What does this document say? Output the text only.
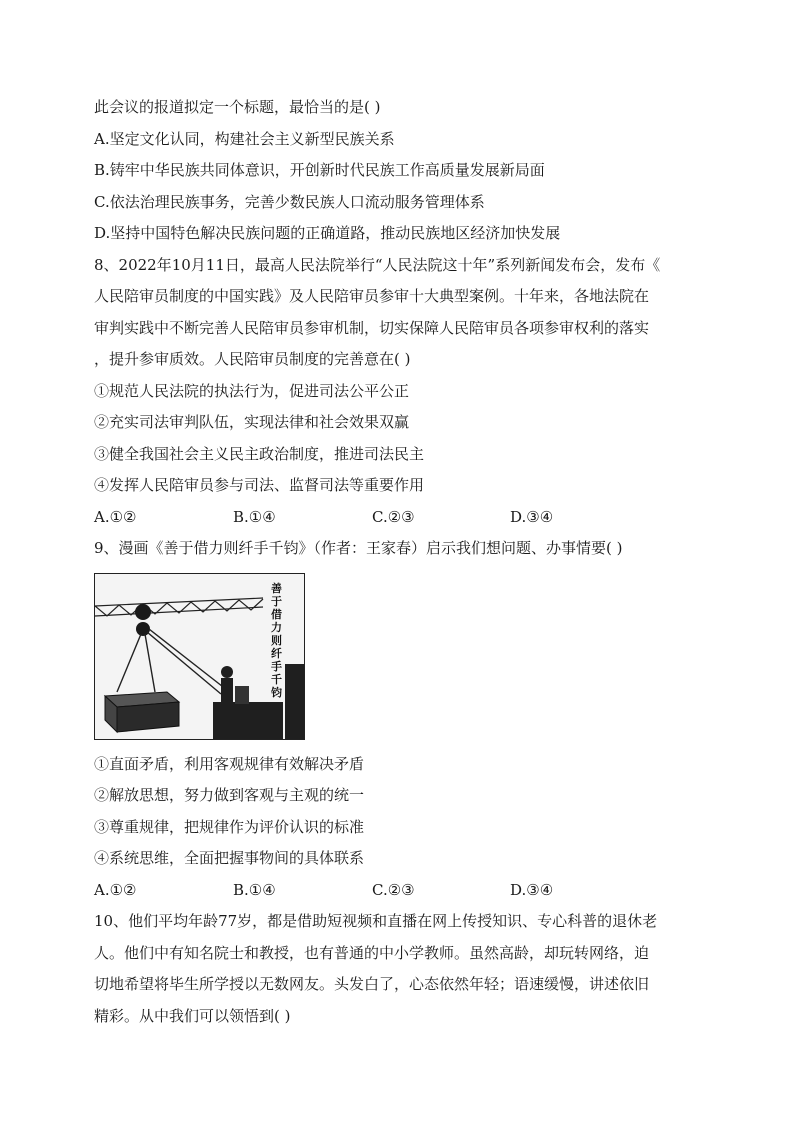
此会议的报道拟定一个标题，最恰当的是( )
A.坚定文化认同，构建社会主义新型民族关系
B.铸牢中华民族共同体意识，开创新时代民族工作高质量发展新局面
C.依法治理民族事务，完善少数民族人口流动服务管理体系
D.坚持中国特色解决民族问题的正确道路，推动民族地区经济加快发展
8、2022年10月11日，最高人民法院举行“人民法院这十年”系列新闻发布会，发布《
人民陪审员制度的中国实践》及人民陪审员参审十大典型案例。十年来，各地法院在
审判实践中不断完善人民陪审员参审机制，切实保障人民陪审员各项参审权利的落实
，提升参审质效。人民陪审员制度的完善意在( )
①规范人民法院的执法行为，促进司法公平公正
②充实司法审判队伍，实现法律和社会效果双赢
③健全我国社会主义民主政治制度，推进司法民主
④发挥人民陪审员参与司法、监督司法等重要作用
A.①②	B.①④	C.②③	D.③④
9、漫画《善于借力则纤手千钧》（作者：王家春）启示我们想问题、办事情要( )
善
于
借
力
则
纤
手
千
钧
①直面矛盾，利用客观规律有效解决矛盾
②解放思想，努力做到客观与主观的统一
③尊重规律，把规律作为评价认识的标准
④系统思维，全面把握事物间的具体联系
A.①②	B.①④	C.②③	D.③④
10、他们平均年龄77岁，都是借助短视频和直播在网上传授知识、专心科普的退休老
人。他们中有知名院士和教授，也有普通的中小学教师。虽然高龄，却玩转网络，迫
切地希望将毕生所学授以无数网友。头发白了，心态依然年轻；语速缓慢，讲述依旧
精彩。从中我们可以领悟到( )
